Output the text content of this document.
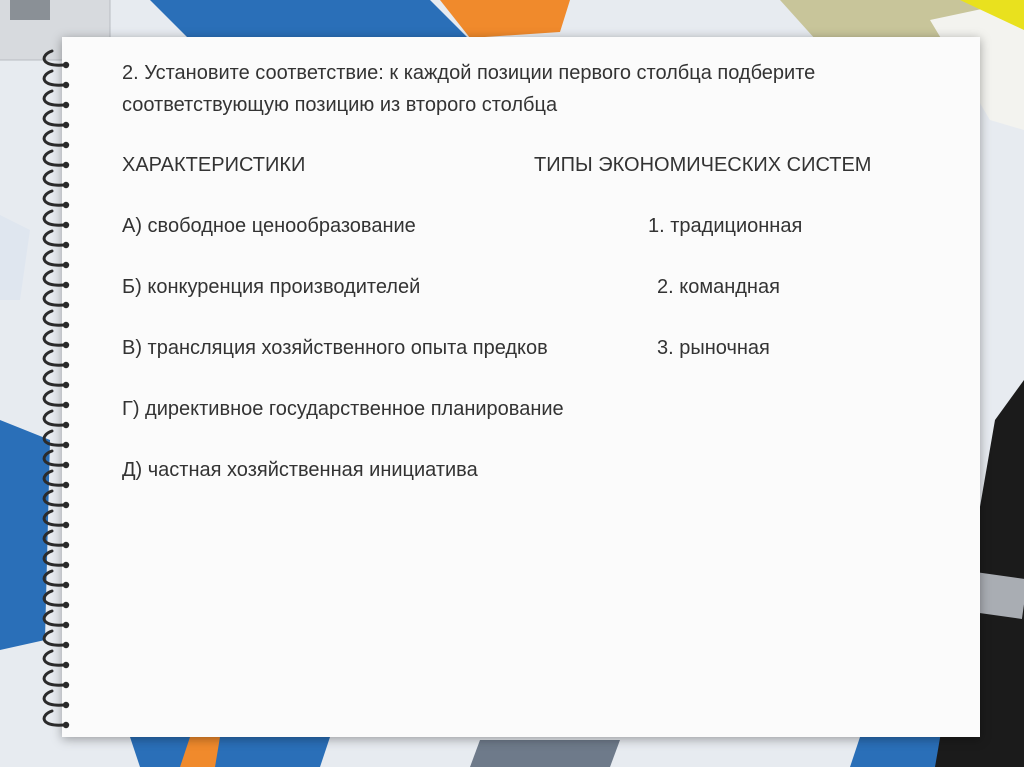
2. Установите соответствие: к каждой позиции первого столбца подберите
соответствующую позицию из второго столбца
ХАРАКТЕРИСТИКИ	ТИПЫ ЭКОНОМИЧЕСКИХ СИСТЕМ
А) свободное ценообразование
Б) конкуренция производителей
В) трансляция хозяйственного опыта предков
Г) директивное государственное планирование
Д) частная хозяйственная инициатива
1. традиционная
2. командная
3. рыночная
